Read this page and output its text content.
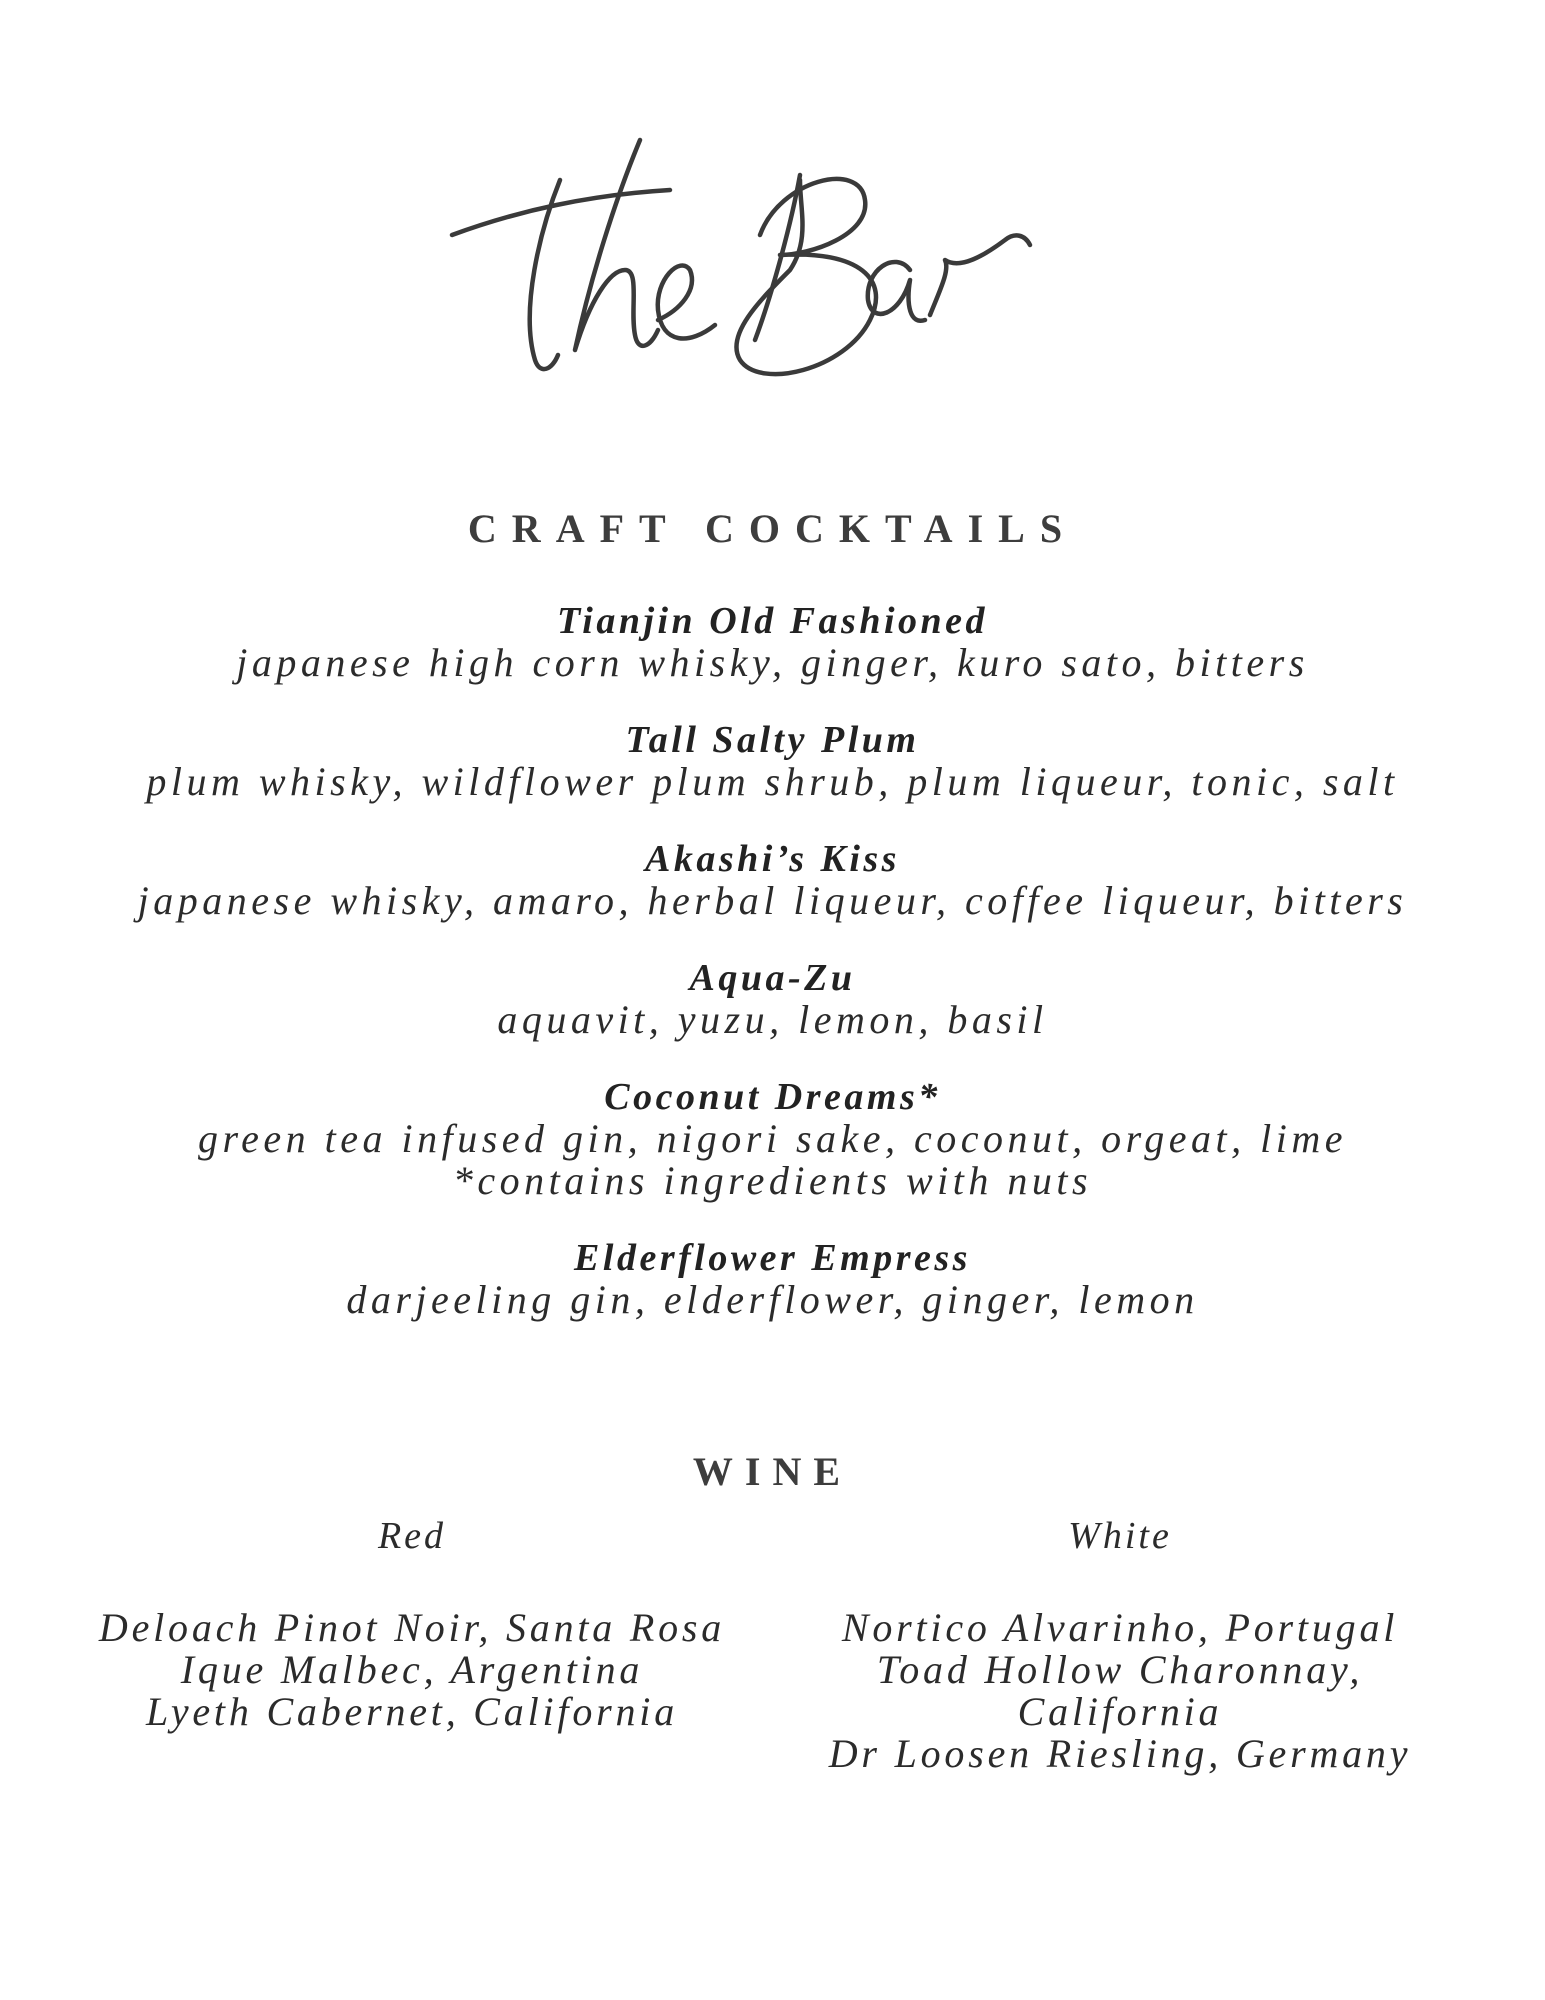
CRAFT COCKTAILS
Tianjin Old Fashioned
japanese high corn whisky, ginger, kuro sato, bitters
Tall Salty Plum
plum whisky, wildflower plum shrub, plum liqueur, tonic, salt
Akashi’s Kiss
japanese whisky, amaro, herbal liqueur, coffee liqueur, bitters
Aqua-Zu
aquavit, yuzu, lemon, basil
Coconut Dreams*
green tea infused gin, nigori sake, coconut, orgeat, lime
*contains ingredients with nuts
Elderflower Empress
darjeeling gin, elderflower, ginger, lemon
WINE
Red
Deloach Pinot Noir, Santa Rosa
Ique Malbec, Argentina
Lyeth Cabernet, California
White
Nortico Alvarinho, Portugal
Toad Hollow Charonnay, California
Dr Loosen Riesling, Germany
